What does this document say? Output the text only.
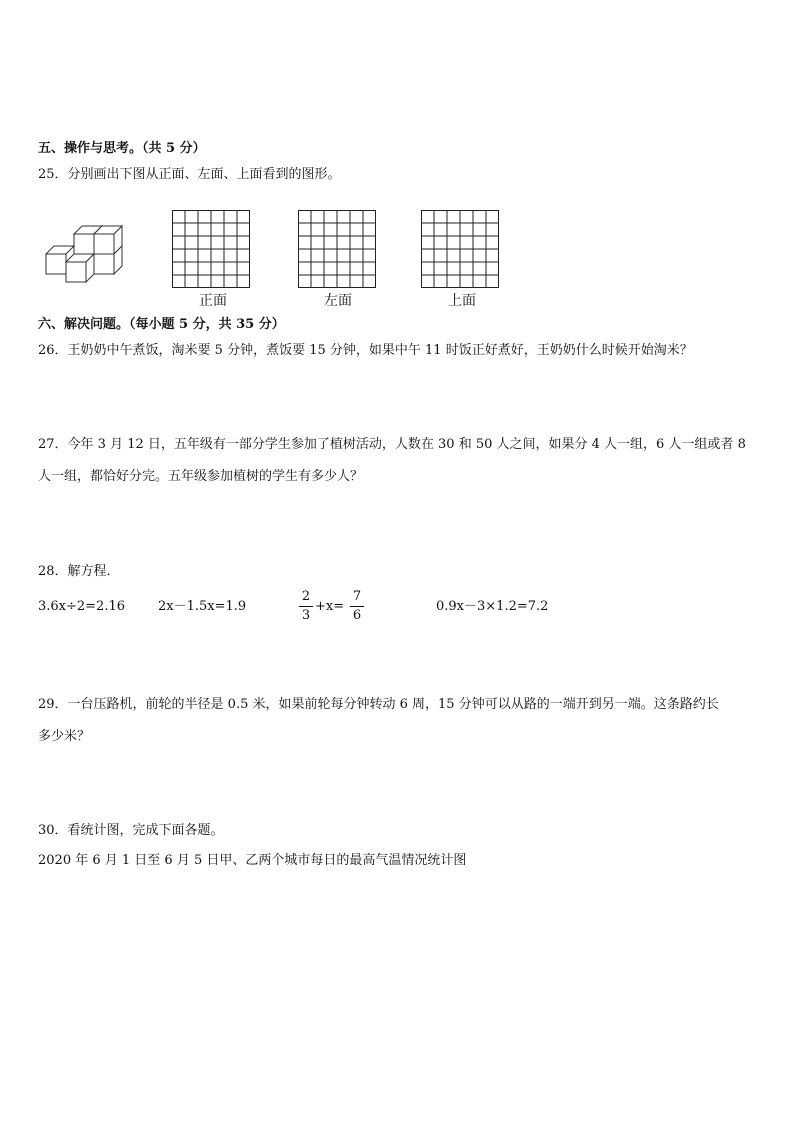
五、操作与思考。（共 5 分）
25．分别画出下图从正面、左面、上面看到的图形。
正面	左面	上面
六、解决问题。（每小题 5 分，共 35 分）
26．王奶奶中午煮饭，淘米要 5 分钟，煮饭要 15 分钟，如果中午 11 时饭正好煮好，王奶奶什么时候开始淘米？
27．今年 3 月 12 日，五年级有一部分学生参加了植树活动，人数在 30 和 50 人之间，如果分 4 人一组，6 人一组或者 8
人一组，都恰好分完。五年级参加植树的学生有多少人？
28．解方程．
3.6x÷2=2.16	2x－1.5x=1.9
2
3
+x=
7
6
0.9x－3×1.2=7.2
29．一台压路机，前轮的半径是 0.5 米，如果前轮每分钟转动 6 周，15 分钟可以从路的一端开到另一端。这条路约长
多少米？
30．看统计图，完成下面各题。
2020 年 6 月 1 日至 6 月 5 日甲、乙两个城市每日的最高气温情况统计图
